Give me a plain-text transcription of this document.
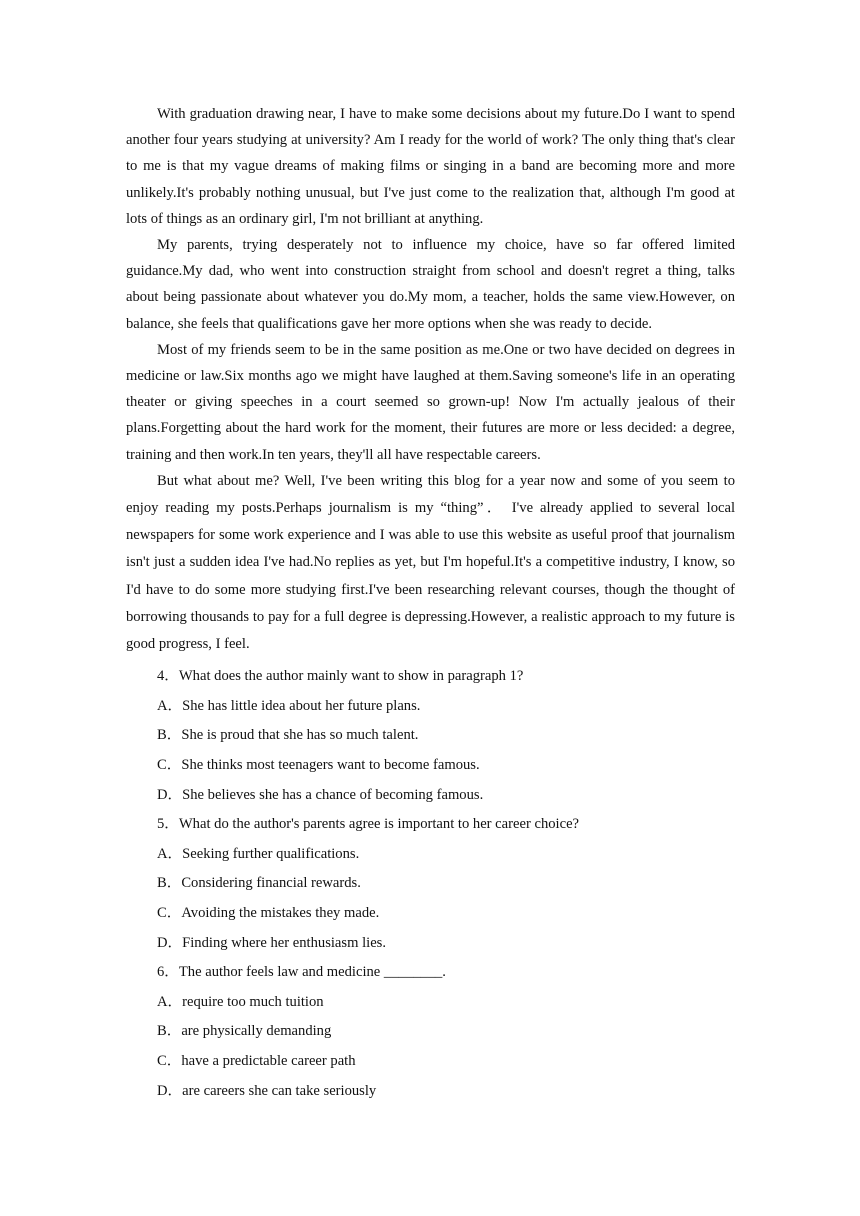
With graduation drawing near, I have to make some decisions about my future.Do I want to spend another four years studying at university? Am I ready for the world of work? The only thing that's clear to me is that my vague dreams of making films or singing in a band are becoming more and more unlikely.It's probably nothing unusual, but I've just come to the realization that, although I'm good at lots of things as an ordinary girl, I'm not brilliant at anything.

My parents, trying desperately not to influence my choice, have so far offered limited guidance.My dad, who went into construction straight from school and doesn't regret a thing, talks about being passionate about whatever you do.My mom, a teacher, holds the same view.However, on balance, she feels that qualifications gave her more options when she was ready to decide.

Most of my friends seem to be in the same position as me.One or two have decided on degrees in medicine or law.Six months ago we might have laughed at them.Saving someone's life in an operating theater or giving speeches in a court seemed so grown-up! Now I'm actually jealous of their plans.Forgetting about the hard work for the moment, their futures are more or less decided: a degree, training and then work.In ten years, they'll all have respectable careers.

But what about me? Well, I've been writing this blog for a year now and some of you seem to enjoy reading my posts.Perhaps journalism is my “thing”． I've already applied to several local newspapers for some work experience and I was able to use this website as useful proof that journalism isn't just a sudden idea I've had.No replies as yet, but I'm hopeful.It's a competitive industry, I know, so I'd have to do some more studying first.I've been researching relevant courses, though the thought of borrowing thousands to pay for a full degree is depressing.However, a realistic approach to my future is good progress, I feel.

4．What does the author mainly want to show in paragraph 1?

A．She has little idea about her future plans.

B．She is proud that she has so much talent.

C．She thinks most teenagers want to become famous.

D．She believes she has a chance of becoming famous.

5．What do the author's parents agree is important to her career choice?

A．Seeking further qualifications.

B．Considering financial rewards.

C．Avoiding the mistakes they made.

D．Finding where her enthusiasm lies.

6．The author feels law and medicine ________.

A．require too much tuition

B．are physically demanding

C．have a predictable career path

D．are careers she can take seriously
